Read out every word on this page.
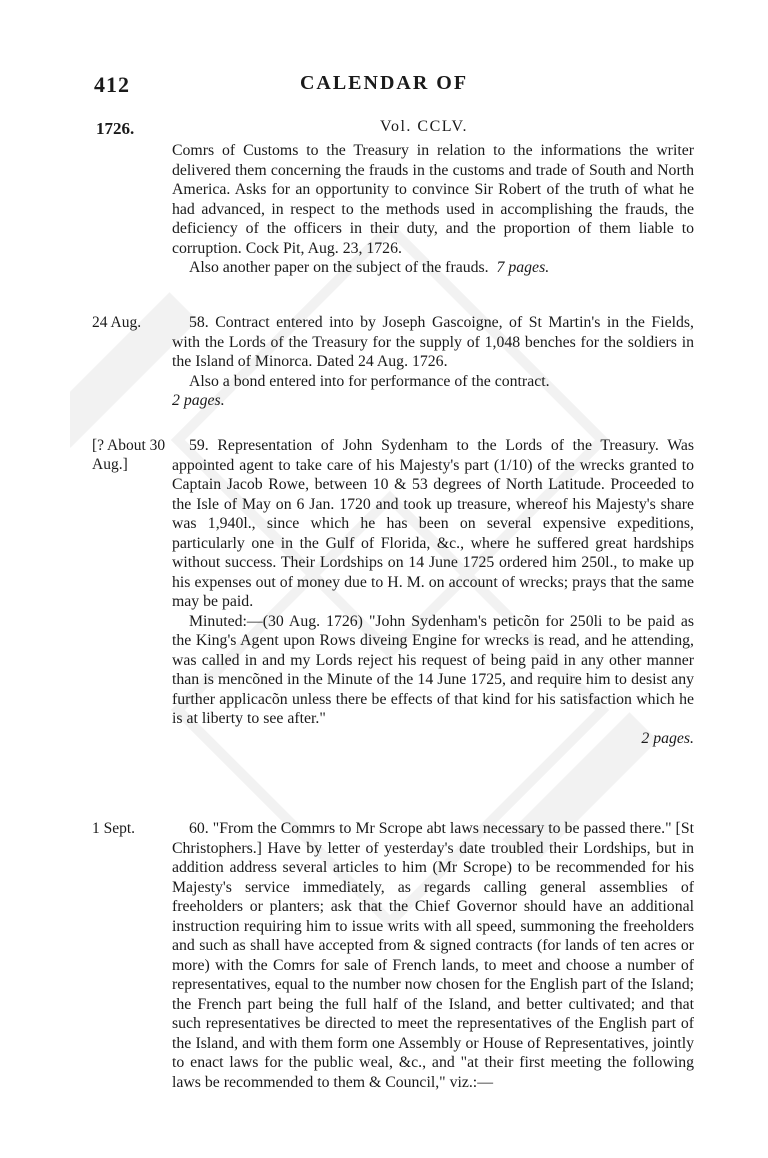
412	CALENDAR OF
1726.	Vol. CCLV.

Comrs of Customs to the Treasury in relation to the informations the writer delivered them concerning the frauds in the customs and trade of South and North America. Asks for an opportunity to convince Sir Robert of the truth of what he had advanced, in respect to the methods used in accomplishing the frauds, the deficiency of the officers in their duty, and the proportion of them liable to corruption. Cock Pit, Aug. 23, 1726.

Also another paper on the subject of the frauds. 7 pages.

24 Aug.	58. Contract entered into by Joseph Gascoigne, of St Martin's in the Fields, with the Lords of the Treasury for the supply of 1,048 benches for the soldiers in the Island of Minorca. Dated 24 Aug. 1726.

Also a bond entered into for performance of the contract.

2 pages.

[? About 30 Aug.]

59. Representation of John Sydenham to the Lords of the Treasury. Was appointed agent to take care of his Majesty's part (1/10) of the wrecks granted to Captain Jacob Rowe, between 10 & 53 degrees of North Latitude. Proceeded to the Isle of May on 6 Jan. 1720 and took up treasure, whereof his Majesty's share was 1,940l., since which he has been on several expensive expeditions, particularly one in the Gulf of Florida, &c., where he suffered great hardships without success. Their Lordships on 14 June 1725 ordered him 250l., to make up his expenses out of money due to H. M. on account of wrecks; prays that the same may be paid.

Minuted:—(30 Aug. 1726) "John Sydenham's peticõn for 250li to be paid as the King's Agent upon Rows diveing Engine for wrecks is read, and he attending, was called in and my Lords reject his request of being paid in any other manner than is mencõned in the Minute of the 14 June 1725, and require him to desist any further applicacõn unless there be effects of that kind for his satisfaction which he is at liberty to see after."

2 pages.

1 Sept.	60. "From the Commrs to Mr Scrope abt laws necessary to be passed there." [St Christophers.] Have by letter of yesterday's date troubled their Lordships, but in addition address several articles to him (Mr Scrope) to be recommended for his Majesty's service immediately, as regards calling general assemblies of freeholders or planters; ask that the Chief Governor should have an additional instruction requiring him to issue writs with all speed, summoning the freeholders and such as shall have accepted from & signed contracts (for lands of ten acres or more) with the Comrs for sale of French lands, to meet and choose a number of representatives, equal to the number now chosen for the English part of the Island; the French part being the full half of the Island, and better cultivated; and that such representatives be directed to meet the representatives of the English part of the Island, and with them form one Assembly or House of Representatives, jointly to enact laws for the public weal, &c., and "at their first meeting the following laws be recommended to them & Council," viz.:—
